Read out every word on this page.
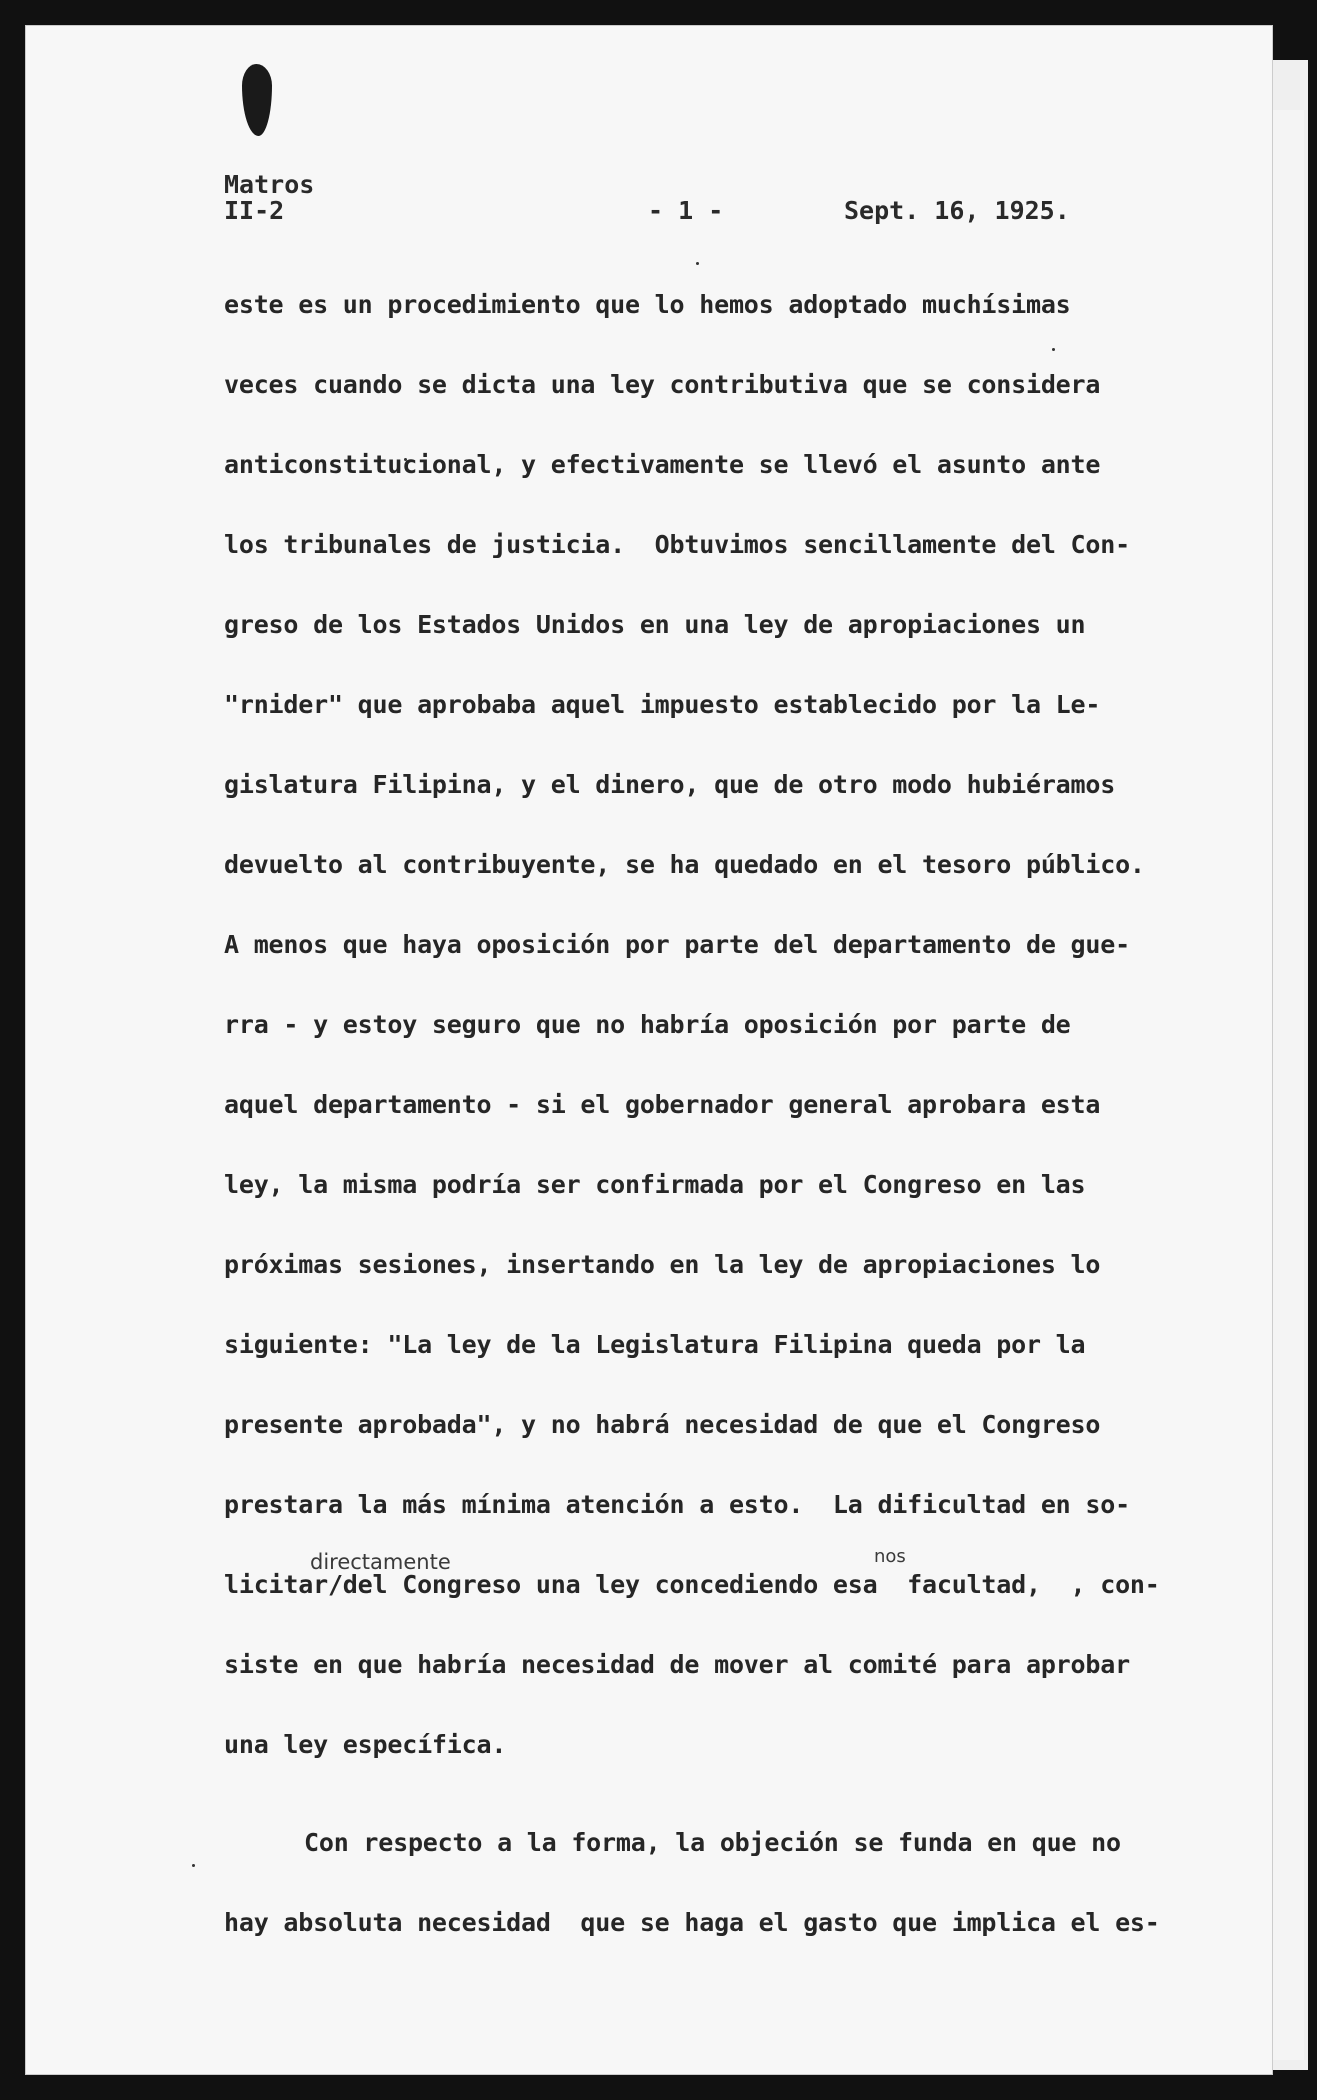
Matros
II-2	- 1 -	Sept. 16, 1925.
este es un procedimiento que lo hemos adoptado muchísimas
veces cuando se dicta una ley contributiva que se considera
anticonstitucional, y efectivamente se llevó el asunto ante
los tribunales de justicia.  Obtuvimos sencillamente del Con-
greso de los Estados Unidos en una ley de apropiaciones un
"rnider" que aprobaba aquel impuesto establecido por la Le-
gislatura Filipina, y el dinero, que de otro modo hubiéramos
devuelto al contribuyente, se ha quedado en el tesoro público.
A menos que haya oposición por parte del departamento de gue-
rra - y estoy seguro que no habría oposición por parte de
aquel departamento - si el gobernador general aprobara esta
ley, la misma podría ser confirmada por el Congreso en las
próximas sesiones, insertando en la ley de apropiaciones lo
siguiente: "La ley de la Legislatura Filipina queda por la
presente aprobada", y no habrá necesidad de que el Congreso
prestara la más mínima atención a esto.  La dificultad en so-
directamente	nos
licitar/del Congreso una ley concediendo esa  facultad,  , con-
siste en que habría necesidad de mover al comité para aprobar
una ley específica.
Con respecto a la forma, la objeción se funda en que no
hay absoluta necesidad  que se haga el gasto que implica el es-
